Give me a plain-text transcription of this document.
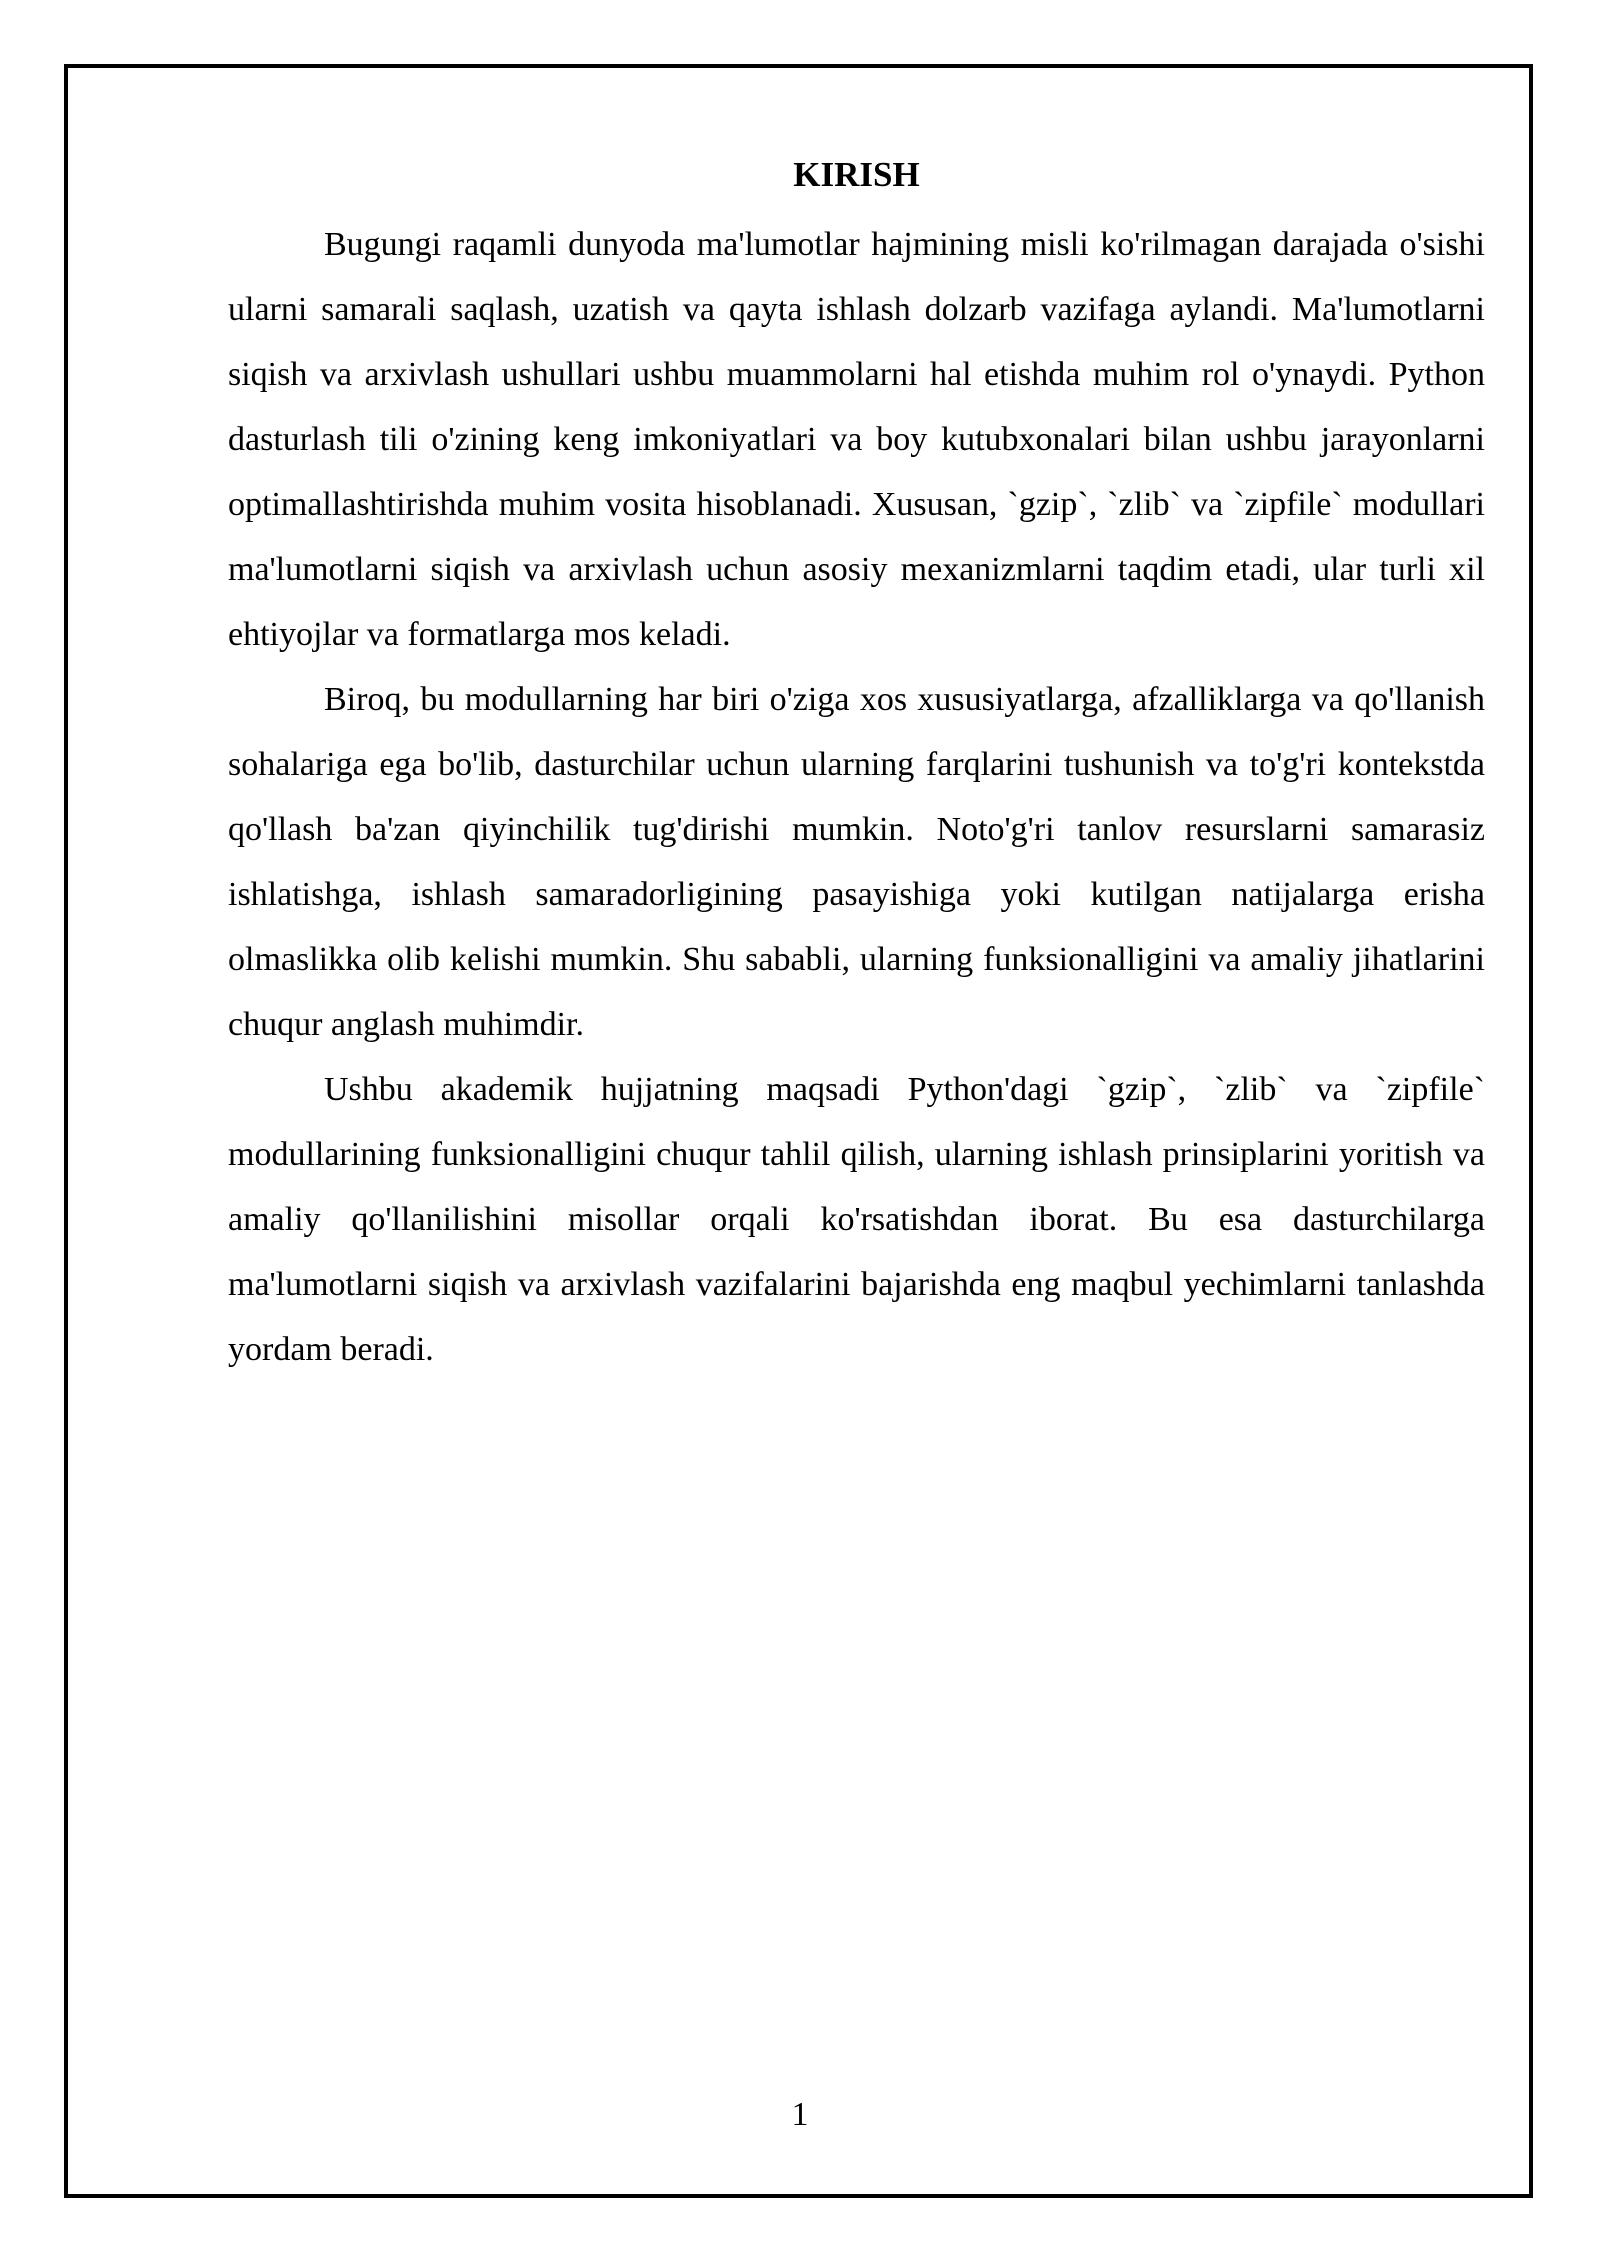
KIRISH

Bugungi raqamli dunyoda ma'lumotlar hajmining misli ko'rilmagan darajada o'sishi ularni samarali saqlash, uzatish va qayta ishlash dolzarb vazifaga aylandi. Ma'lumotlarni siqish va arxivlash ushullari ushbu muammolarni hal etishda muhim rol o'ynaydi. Python dasturlash tili o'zining keng imkoniyatlari va boy kutubxonalari bilan ushbu jarayonlarni optimallashtirishda muhim vosita hisoblanadi. Xususan, `gzip`, `zlib` va `zipfile` modullari ma'lumotlarni siqish va arxivlash uchun asosiy mexanizmlarni taqdim etadi, ular turli xil ehtiyojlar va formatlarga mos keladi.

Biroq, bu modullarning har biri o'ziga xos xususiyatlarga, afzalliklarga va qo'llanish sohalariga ega bo'lib, dasturchilar uchun ularning farqlarini tushunish va to'g'ri kontekstda qo'llash ba'zan qiyinchilik tug'dirishi mumkin. Noto'g'ri tanlov resurslarni samarasiz ishlatishga, ishlash samaradorligining pasayishiga yoki kutilgan natijalarga erisha olmaslikka olib kelishi mumkin. Shu sababli, ularning funksionalligini va amaliy jihatlarini chuqur anglash muhimdir.

Ushbu akademik hujjatning maqsadi Python'dagi `gzip`, `zlib` va `zipfile` modullarining funksionalligini chuqur tahlil qilish, ularning ishlash prinsiplarini yoritish va amaliy qo'llanilishini misollar orqali ko'rsatishdan iborat. Bu esa dasturchilarga ma'lumotlarni siqish va arxivlash vazifalarini bajarishda eng maqbul yechimlarni tanlashda yordam beradi.

1
